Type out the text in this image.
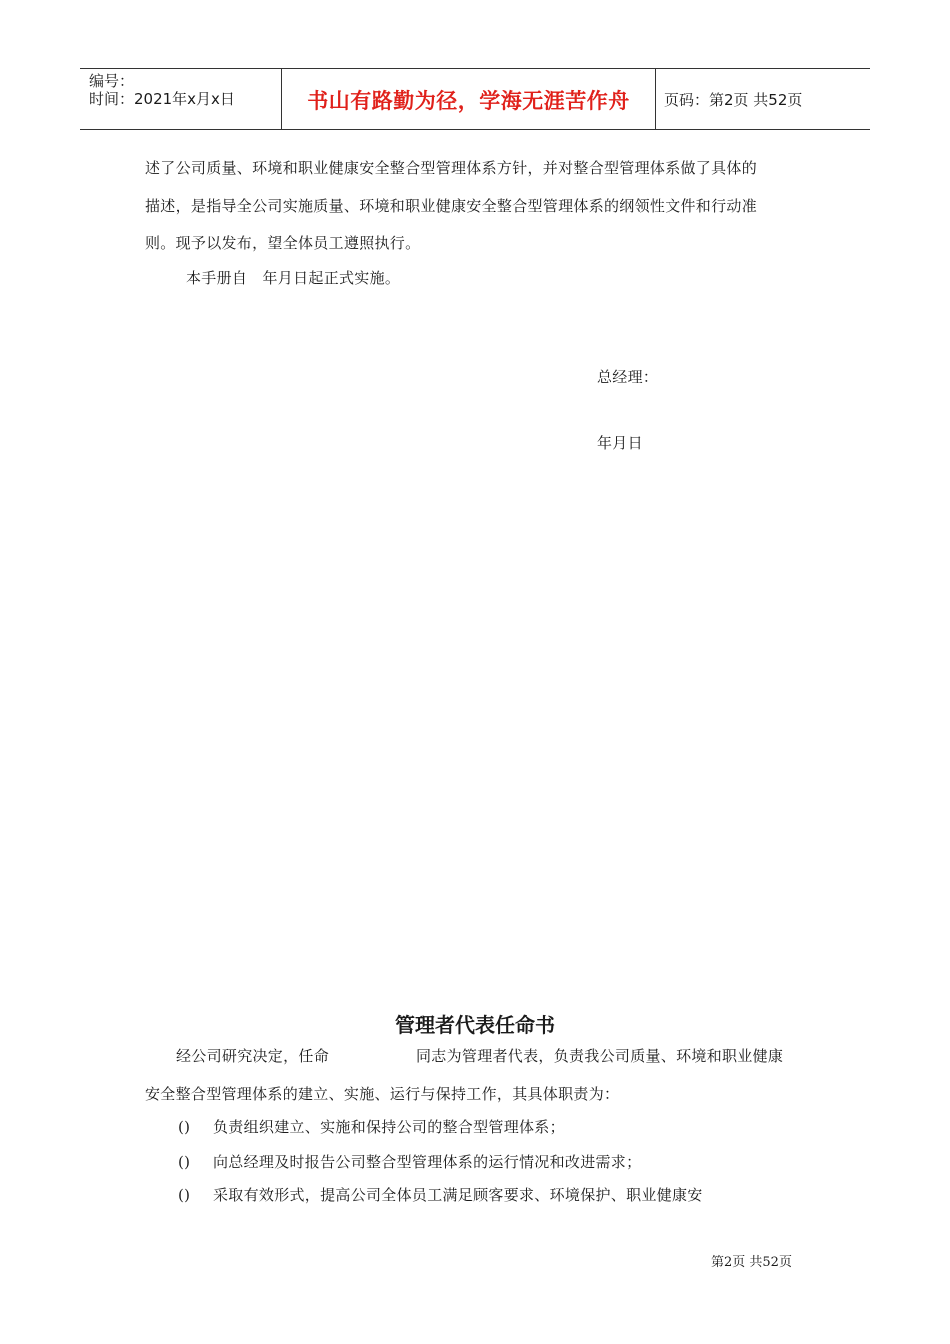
编号：
时间：2021年x月x日	书山有路勤为径，学海无涯苦作舟	页码：第2页 共52页
述了公司质量、环境和职业健康安全整合型管理体系方针，并对整合型管理体系做了具体的
描述，是指导全公司实施质量、环境和职业健康安全整合型管理体系的纲领性文件和行动准
则。现予以发布，望全体员工遵照执行。
本手册自　年月日起正式实施。
总经理：
年月日
管理者代表任命书
经公司研究决定，任命	同志为管理者代表，负责我公司质量、环境和职业健康
安全整合型管理体系的建立、实施、运行与保持工作，其具体职责为：
() 负责组织建立、实施和保持公司的整合型管理体系；
() 向总经理及时报告公司整合型管理体系的运行情况和改进需求；
() 采取有效形式，提高公司全体员工满足顾客要求、环境保护、职业健康安
第2页 共52页
